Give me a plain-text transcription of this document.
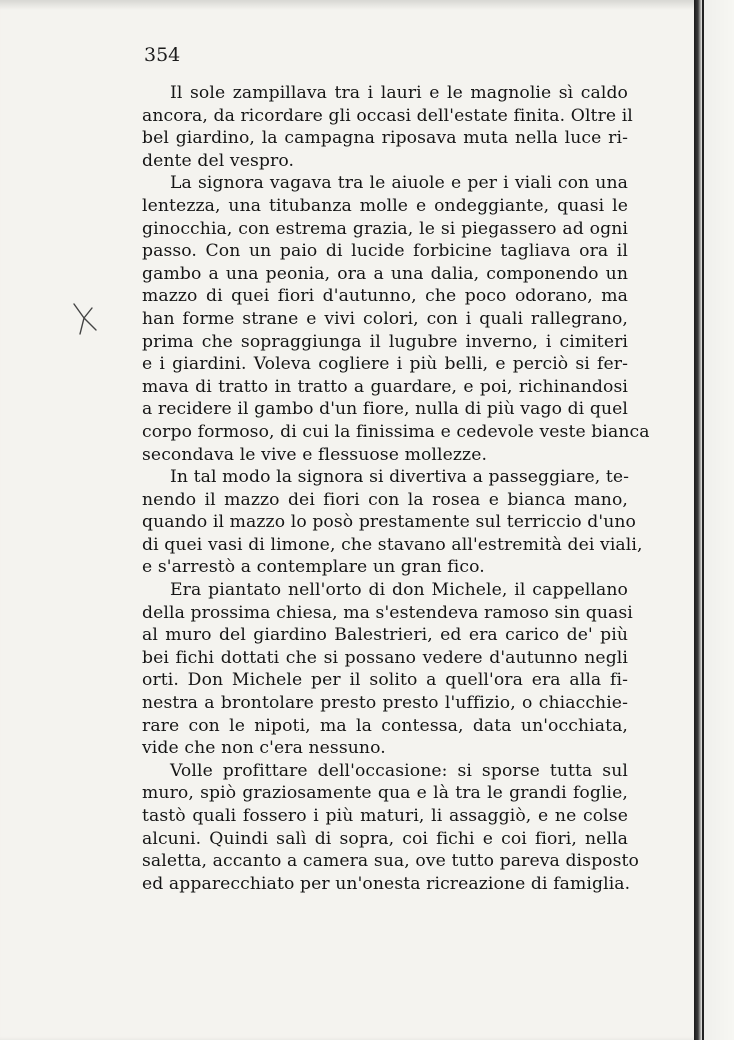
354
Il sole zampillava tra i lauri e le magnolie sì caldo
ancora, da ricordare gli occasi dell'estate finita. Oltre il
bel giardino, la campagna riposava muta nella luce ri-
dente del vespro.
La signora vagava tra le aiuole e per i viali con una
lentezza, una titubanza molle e ondeggiante, quasi le
ginocchia, con estrema grazia, le si piegassero ad ogni
passo. Con un paio di lucide forbicine tagliava ora il
gambo a una peonia, ora a una dalia, componendo un
mazzo di quei fiori d'autunno, che poco odorano, ma
han forme strane e vivi colori, con i quali rallegrano,
prima che sopraggiunga il lugubre inverno, i cimiteri
e i giardini. Voleva cogliere i più belli, e perciò si fer-
mava di tratto in tratto a guardare, e poi, richinandosi
a recidere il gambo d'un fiore, nulla di più vago di quel
corpo formoso, di cui la finissima e cedevole veste bianca
secondava le vive e flessuose mollezze.
In tal modo la signora si divertiva a passeggiare, te-
nendo il mazzo dei fiori con la rosea e bianca mano,
quando il mazzo lo posò prestamente sul terriccio d'uno
di quei vasi di limone, che stavano all'estremità dei viali,
e s'arrestò a contemplare un gran fico.
Era piantato nell'orto di don Michele, il cappellano
della prossima chiesa, ma s'estendeva ramoso sin quasi
al muro del giardino Balestrieri, ed era carico de' più
bei fichi dottati che si possano vedere d'autunno negli
orti. Don Michele per il solito a quell'ora era alla fi-
nestra a brontolare presto presto l'uffizio, o chiacchie-
rare con le nipoti, ma la contessa, data un'occhiata,
vide che non c'era nessuno.
Volle profittare dell'occasione: si sporse tutta sul
muro, spiò graziosamente qua e là tra le grandi foglie,
tastò quali fossero i più maturi, li assaggiò, e ne colse
alcuni. Quindi salì di sopra, coi fichi e coi fiori, nella
saletta, accanto a camera sua, ove tutto pareva disposto
ed apparecchiato per un'onesta ricreazione di famiglia.
